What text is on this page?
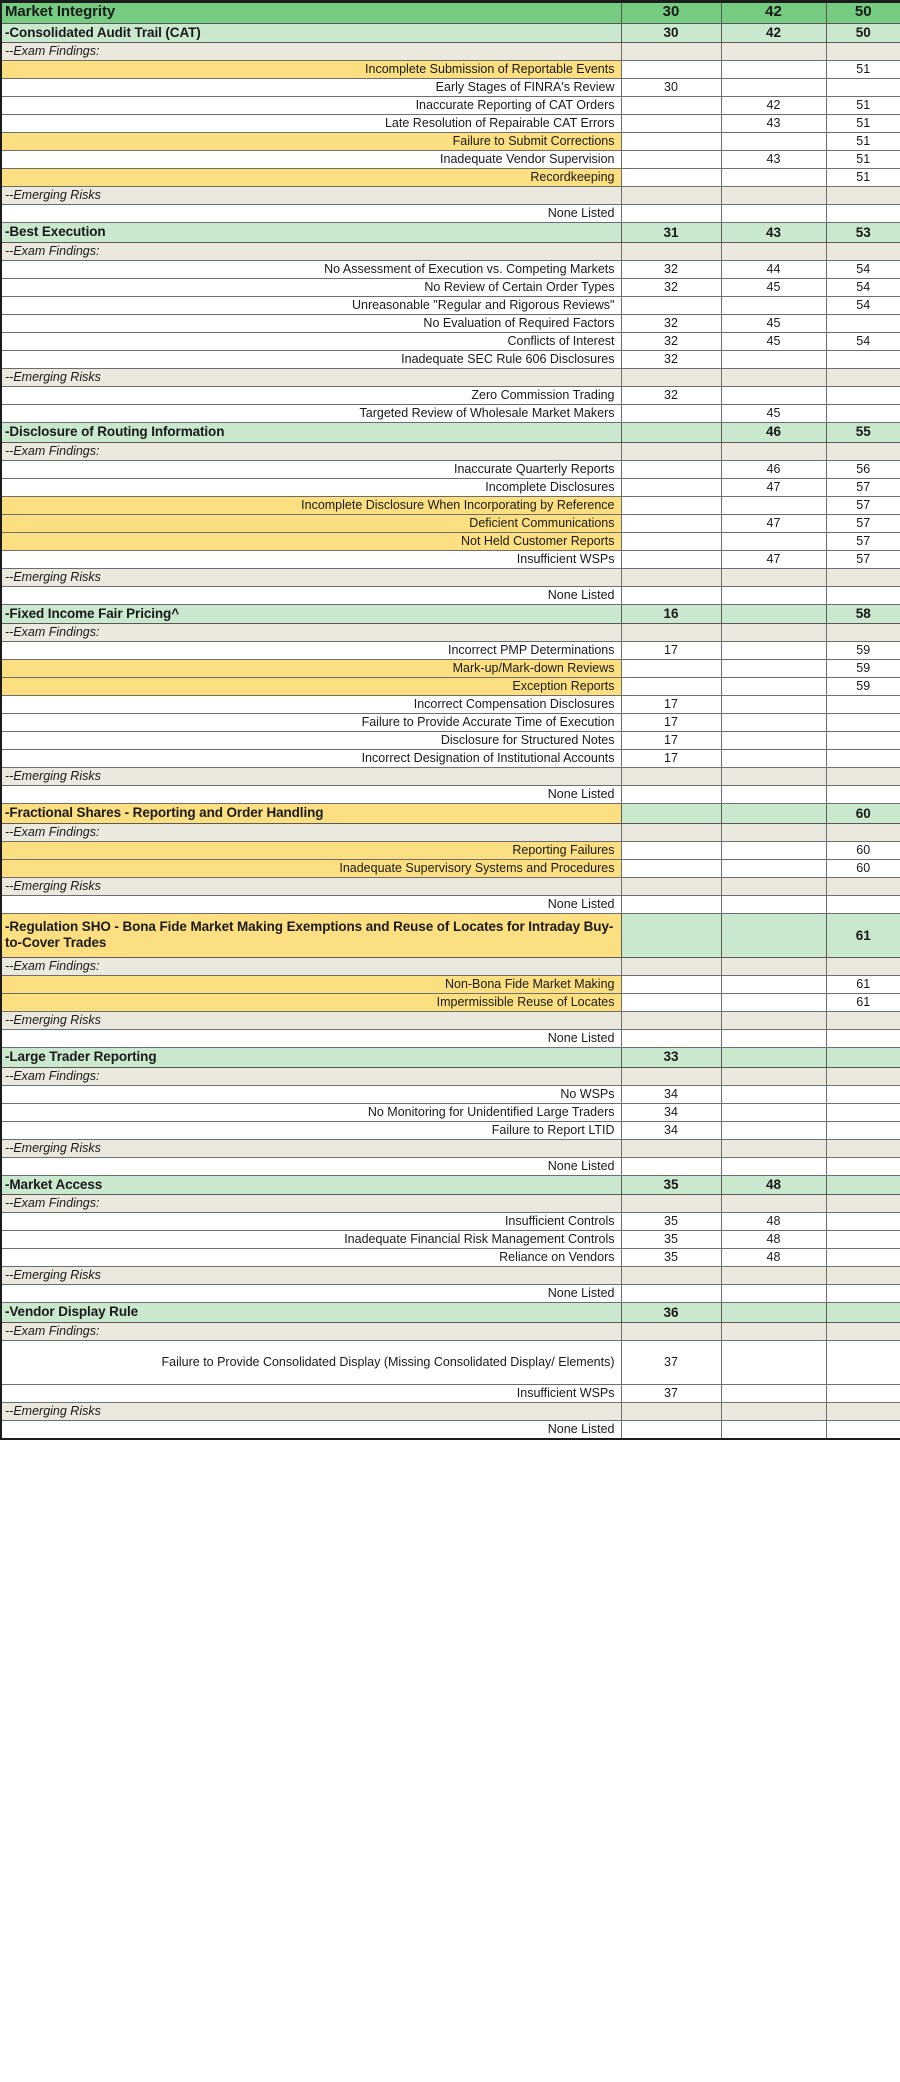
Market Integrity	30	42	50
-Consolidated Audit Trail (CAT)	30	42	50
--Exam Findings:			
Incomplete Submission of Reportable Events			51
Early Stages of FINRA's Review	30		
Inaccurate Reporting of CAT Orders		42	51
Late Resolution of Repairable CAT Errors		43	51
Failure to Submit Corrections			51
Inadequate Vendor Supervision		43	51
Recordkeeping			51
--Emerging Risks			
None Listed			
-Best Execution	31	43	53
--Exam Findings:			
No Assessment of Execution vs. Competing Markets	32	44	54
No Review of Certain Order Types	32	45	54
Unreasonable "Regular and Rigorous Reviews"			54
No Evaluation of Required Factors	32	45	
Conflicts of Interest	32	45	54
Inadequate SEC Rule 606 Disclosures	32		
--Emerging Risks			
Zero Commission Trading	32		
Targeted Review of Wholesale Market Makers		45	
-Disclosure of Routing Information		46	55
--Exam Findings:			
Inaccurate Quarterly Reports		46	56
Incomplete Disclosures		47	57
Incomplete Disclosure When Incorporating by Reference			57
Deficient Communications		47	57
Not Held Customer Reports			57
Insufficient WSPs		47	57
--Emerging Risks			
None Listed			
-Fixed Income Fair Pricing^	16		58
--Exam Findings:			
Incorrect PMP Determinations	17		59
Mark-up/Mark-down Reviews			59
Exception Reports			59
Incorrect Compensation Disclosures	17		
Failure to Provide Accurate Time of Execution	17		
Disclosure for Structured Notes	17		
Incorrect Designation of Institutional Accounts	17		
--Emerging Risks			
None Listed			
-Fractional Shares - Reporting and Order Handling			60
--Exam Findings:			
Reporting Failures			60
Inadequate Supervisory Systems and Procedures			60
--Emerging Risks			
None Listed			
-Regulation SHO - Bona Fide Market Making Exemptions and Reuse of Locates for Intraday Buy-to-Cover Trades			61
--Exam Findings:			
Non-Bona Fide Market Making			61
Impermissible Reuse of Locates			61
--Emerging Risks			
None Listed			
-Large Trader Reporting	33		
--Exam Findings:			
No WSPs	34		
No Monitoring for Unidentified Large Traders	34		
Failure to Report LTID	34		
--Emerging Risks			
None Listed			
-Market Access	35	48	
--Exam Findings:			
Insufficient Controls	35	48	
Inadequate Financial Risk Management Controls	35	48	
Reliance on Vendors	35	48	
--Emerging Risks			
None Listed			
-Vendor Display Rule	36		
--Exam Findings:			
Failure to Provide Consolidated Display (Missing Consolidated Display/ Elements)	37		
Insufficient WSPs	37		
--Emerging Risks			
None Listed			
